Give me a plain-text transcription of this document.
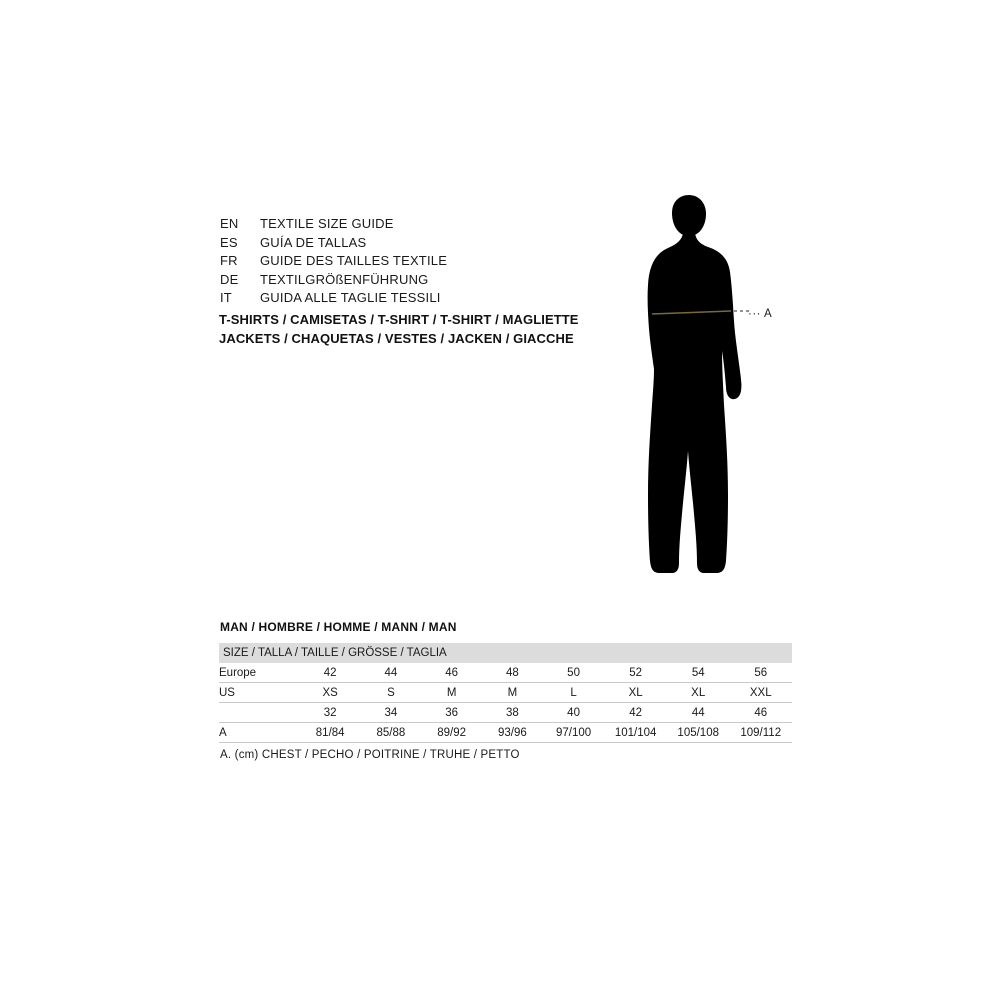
EN	TEXTILE SIZE GUIDE
ES	GUÍA DE TALLAS
FR	GUIDE DES TAILLES TEXTILE
DE	TEXTILGRÖßENFÜHRUNG
IT	GUIDA ALLE TAGLIE TESSILI
T-SHIRTS / CAMISETAS / T-SHIRT / T-SHIRT / MAGLIETTE
JACKETS / CHAQUETAS / VESTES / JACKEN / GIACCHE
··· A
MAN / HOMBRE / HOMME / MANN / MAN
SIZE / TALLA / TAILLE / GRÖSSE / TAGLIA								
Europe	42	44	46	48	50	52	54	56
US	XS	S	M	M	L	XL	XL	XXL
	32	34	36	38	40	42	44	46
A	81/84	85/88	89/92	93/96	97/100	101/104	105/108	109/112
A. (cm) CHEST / PECHO / POITRINE / TRUHE / PETTO
